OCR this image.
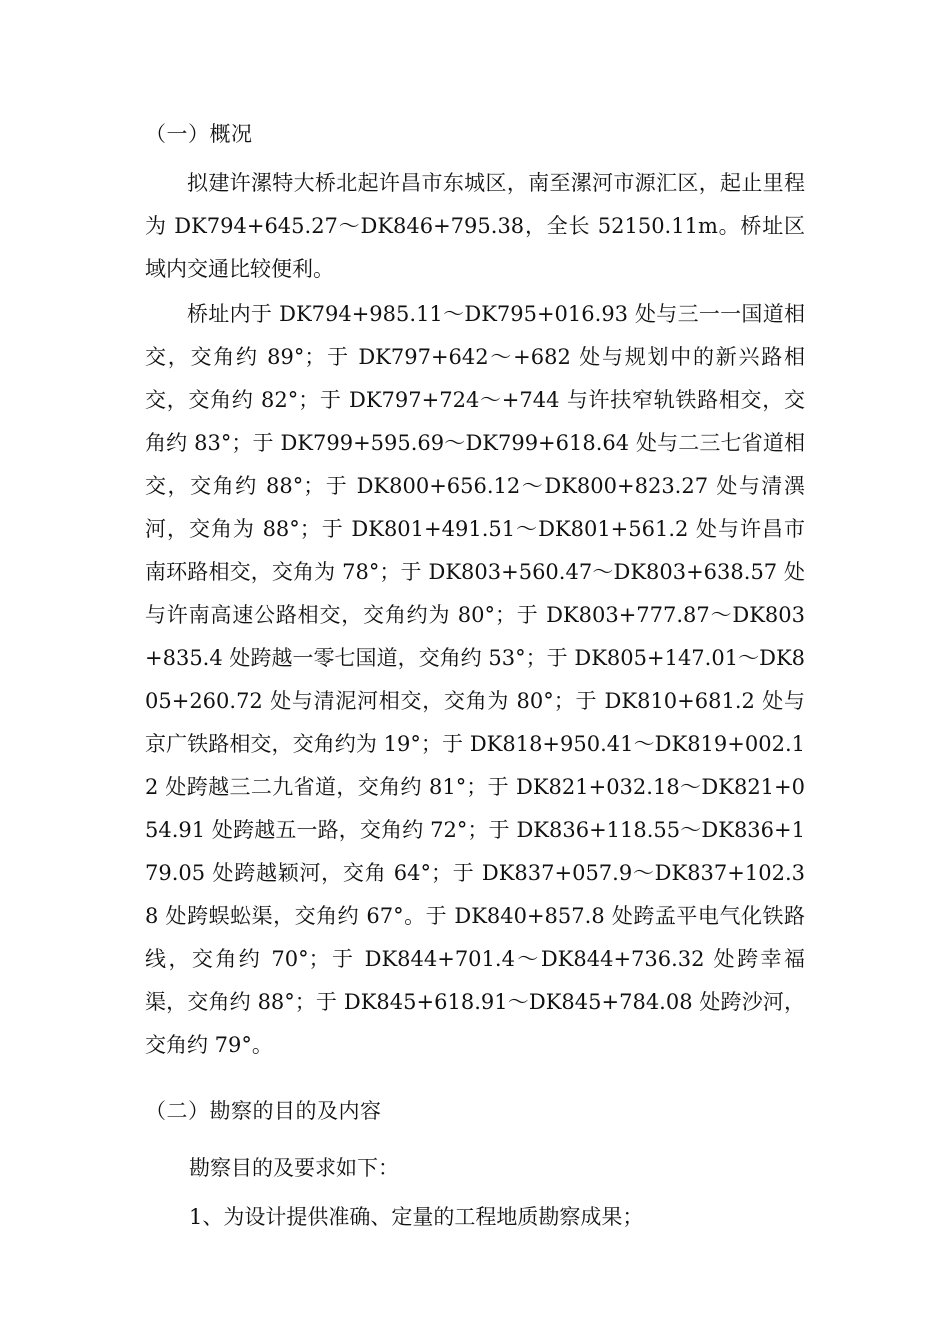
（一）概况

拟建许漯特大桥北起许昌市东城区，南至漯河市源汇区，起止里程为 DK794+645.27～DK846+795.38，全长 52150.11m。桥址区域内交通比较便利。

桥址内于 DK794+985.11～DK795+016.93 处与三一一国道相交，交角约 89°；于 DK797+642～+682 处与规划中的新兴路相交，交角约 82°；于 DK797+724～+744 与许扶窄轨铁路相交，交角约 83°；于 DK799+595.69～DK799+618.64 处与二三七省道相交，交角约 88°；于 DK800+656.12～DK800+823.27 处与清潩河，交角为 88°；于 DK801+491.51～DK801+561.2 处与许昌市南环路相交，交角为 78°；于 DK803+560.47～DK803+638.57 处与许南高速公路相交，交角约为 80°；于 DK803+777.87～DK803+835.4 处跨越一零七国道，交角约 53°；于 DK805+147.01～DK805+260.72 处与清泥河相交，交角为 80°；于 DK810+681.2 处与京广铁路相交，交角约为 19°；于 DK818+950.41～DK819+002.12 处跨越三二九省道，交角约 81°；于 DK821+032.18～DK821+054.91 处跨越五一路，交角约 72°；于 DK836+118.55～DK836+179.05 处跨越颖河，交角 64°；于 DK837+057.9～DK837+102.38 处跨蜈蚣渠，交角约 67°。于 DK840+857.8 处跨孟平电气化铁路线，交角约 70°；于 DK844+701.4～DK844+736.32 处跨幸福渠，交角约 88°；于 DK845+618.91～DK845+784.08 处跨沙河，交角约 79°。

（二）勘察的目的及内容

勘察目的及要求如下：

1、为设计提供准确、定量的工程地质勘察成果；
